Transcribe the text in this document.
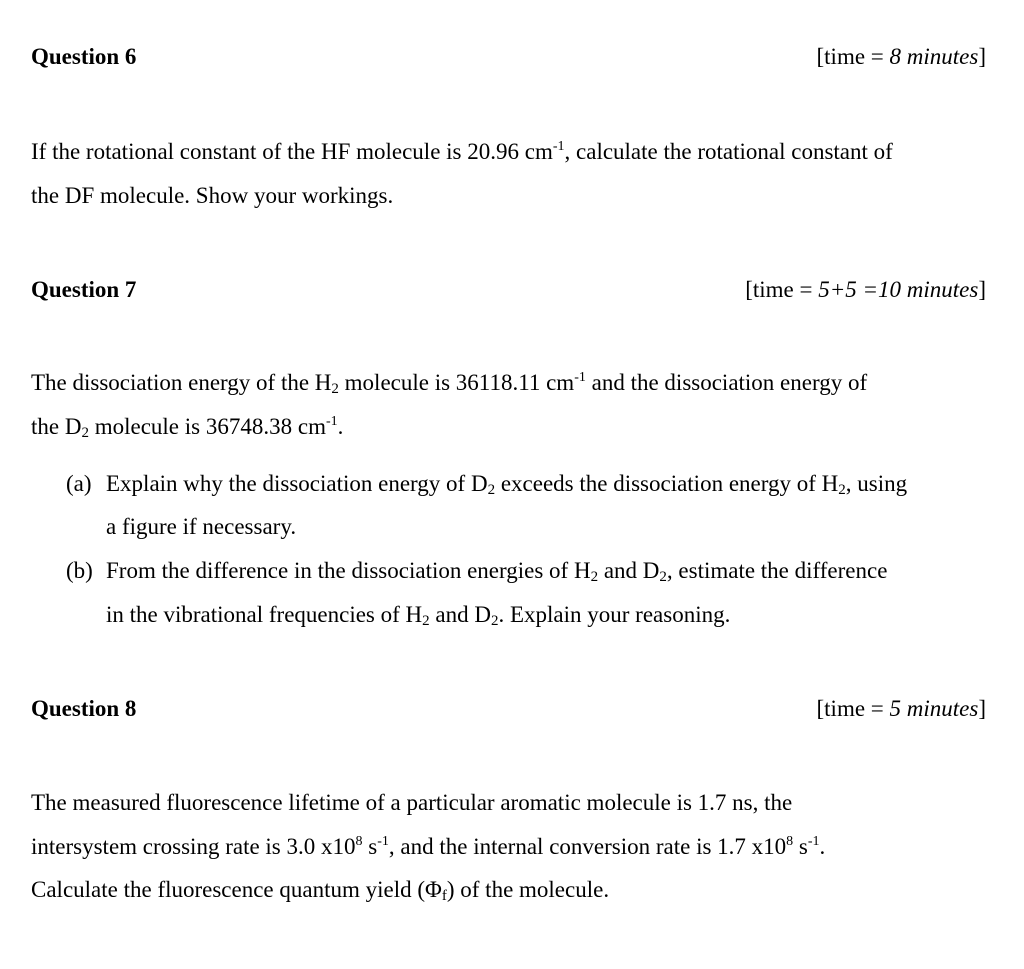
Question 6	[time = 8 minutes]
If the rotational constant of the HF molecule is 20.96 $cm^{-1}$, calculate the rotational constant of
the DF molecule. Show your workings.
Question 7	[time = 5+5 =10 minutes]
The dissociation energy of the $H_2$ molecule is 36118.11 $cm^{-1}$ and the dissociation energy of
the $D_2$ molecule is 36748.38 $cm^{-1}$.
(a) Explain why the dissociation energy of $D_2$ exceeds the dissociation energy of $H_2$, using
a figure if necessary.
(b) From the difference in the dissociation energies of $H_2$ and $D_2$, estimate the difference
in the vibrational frequencies of $H_2$ and $D_2$. Explain your reasoning.
Question 8	[time = 5 minutes]
The measured fluorescence lifetime of a particular aromatic molecule is 1.7 ns, the
intersystem crossing rate is 3.0 $x10^8$ $s^{-1}$, and the internal conversion rate is 1.7 $x10^8$ $s^{-1}$.
Calculate the fluorescence quantum yield $(\Phi_f)$ of the molecule.
